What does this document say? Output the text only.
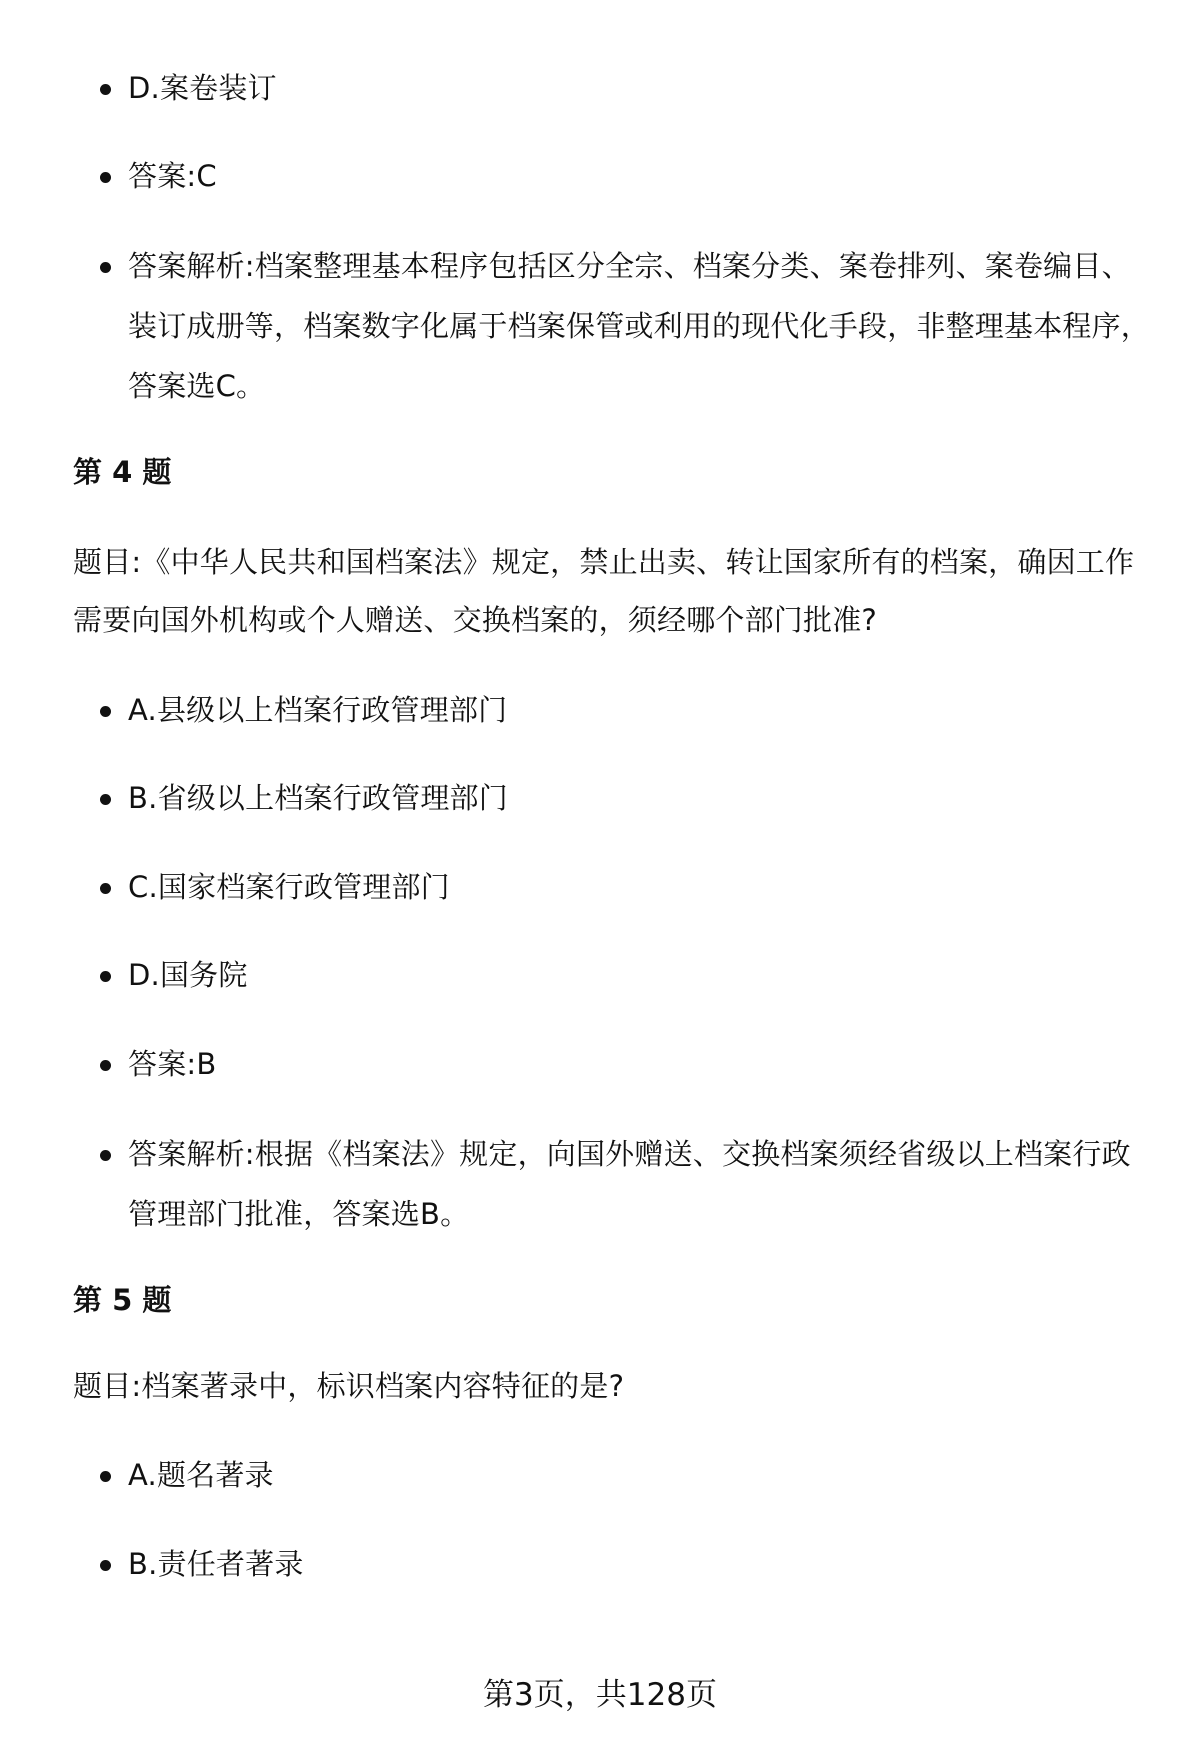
D.案卷装订
答案:C
答案解析:档案整理基本程序包括区分全宗、档案分类、案卷排列、案卷编目、装订成册等，档案数字化属于档案保管或利用的现代化手段，非整理基本程序，答案选C。
第 4 题
题目:《中华人民共和国档案法》规定，禁止出卖、转让国家所有的档案，确因工作需要向国外机构或个人赠送、交换档案的，须经哪个部门批准?
A.县级以上档案行政管理部门
B.省级以上档案行政管理部门
C.国家档案行政管理部门
D.国务院
答案:B
答案解析:根据《档案法》规定，向国外赠送、交换档案须经省级以上档案行政管理部门批准，答案选B。
第 5 题
题目:档案著录中，标识档案内容特征的是?
A.题名著录
B.责任者著录
第3页，共128页
